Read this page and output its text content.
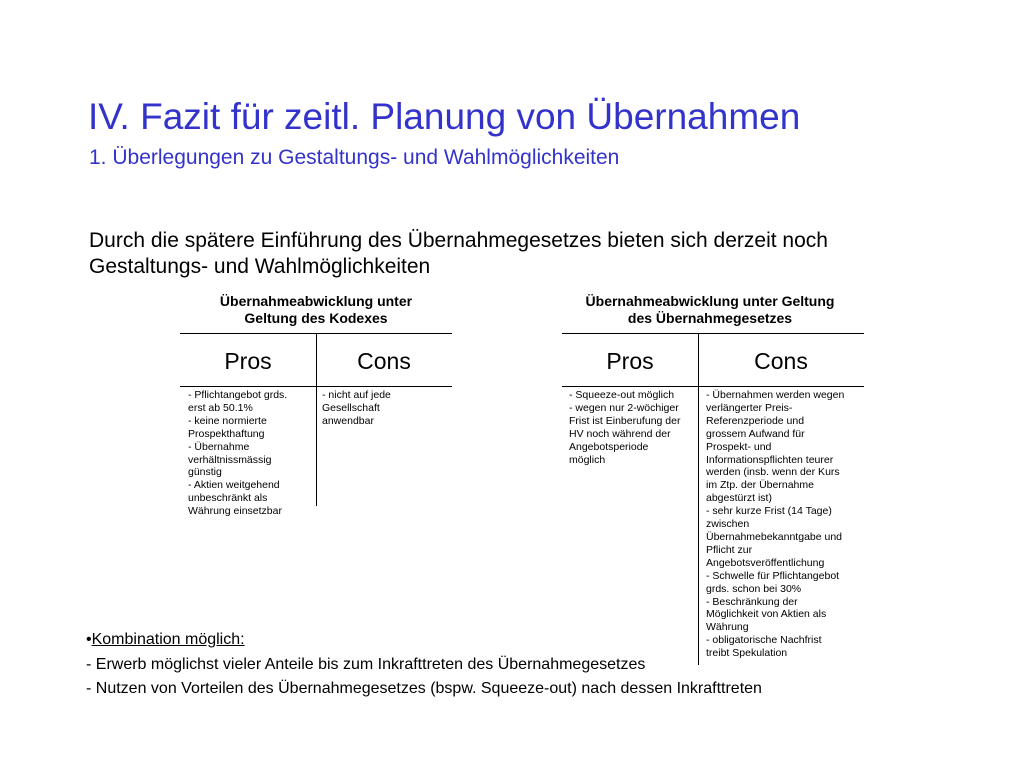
IV. Fazit für zeitl. Planung von Übernahmen
1. Überlegungen zu Gestaltungs- und Wahlmöglichkeiten
Durch die spätere Einführung des Übernahmegesetzes bieten sich derzeit noch Gestaltungs- und Wahlmöglichkeiten
Übernahmeabwicklung unter
Geltung des Kodexes
Pros	Cons

- Pflichtangebot grds.

erst ab 50.1%

- keine normierte

Prospekthaftung

- Übernahme

verhältnissmässig

günstig

- Aktien weitgehend

unbeschränkt als

Währung einsetzbar

- nicht auf jede

Gesellschaft

anwendbar

Übernahmeabwicklung unter Geltung
des Übernahmegesetzes
Pros	Cons

- Squeeze-out möglich

- wegen nur 2-wöchiger

Frist ist Einberufung der

HV noch während der

Angebotsperiode

möglich

- Übernahmen werden wegen

verlängerter Preis-

Referenzperiode und

grossem Aufwand für

Prospekt- und

Informationspflichten teurer

werden (insb. wenn der Kurs

im Ztp. der Übernahme

abgestürzt ist)

- sehr kurze Frist (14 Tage)

zwischen

Übernahmebekanntgabe und

Pflicht zur

Angebotsveröffentlichung

- Schwelle für Pflichtangebot

grds. schon bei 30%

- Beschränkung der

Möglichkeit von Aktien als

Währung

- obligatorische Nachfrist

treibt Spekulation

•Kombination möglich:
- Erwerb möglichst vieler Anteile bis zum Inkrafttreten des Übernahmegesetzes
- Nutzen von Vorteilen des Übernahmegesetzes (bspw. Squeeze-out) nach dessen Inkrafttreten
